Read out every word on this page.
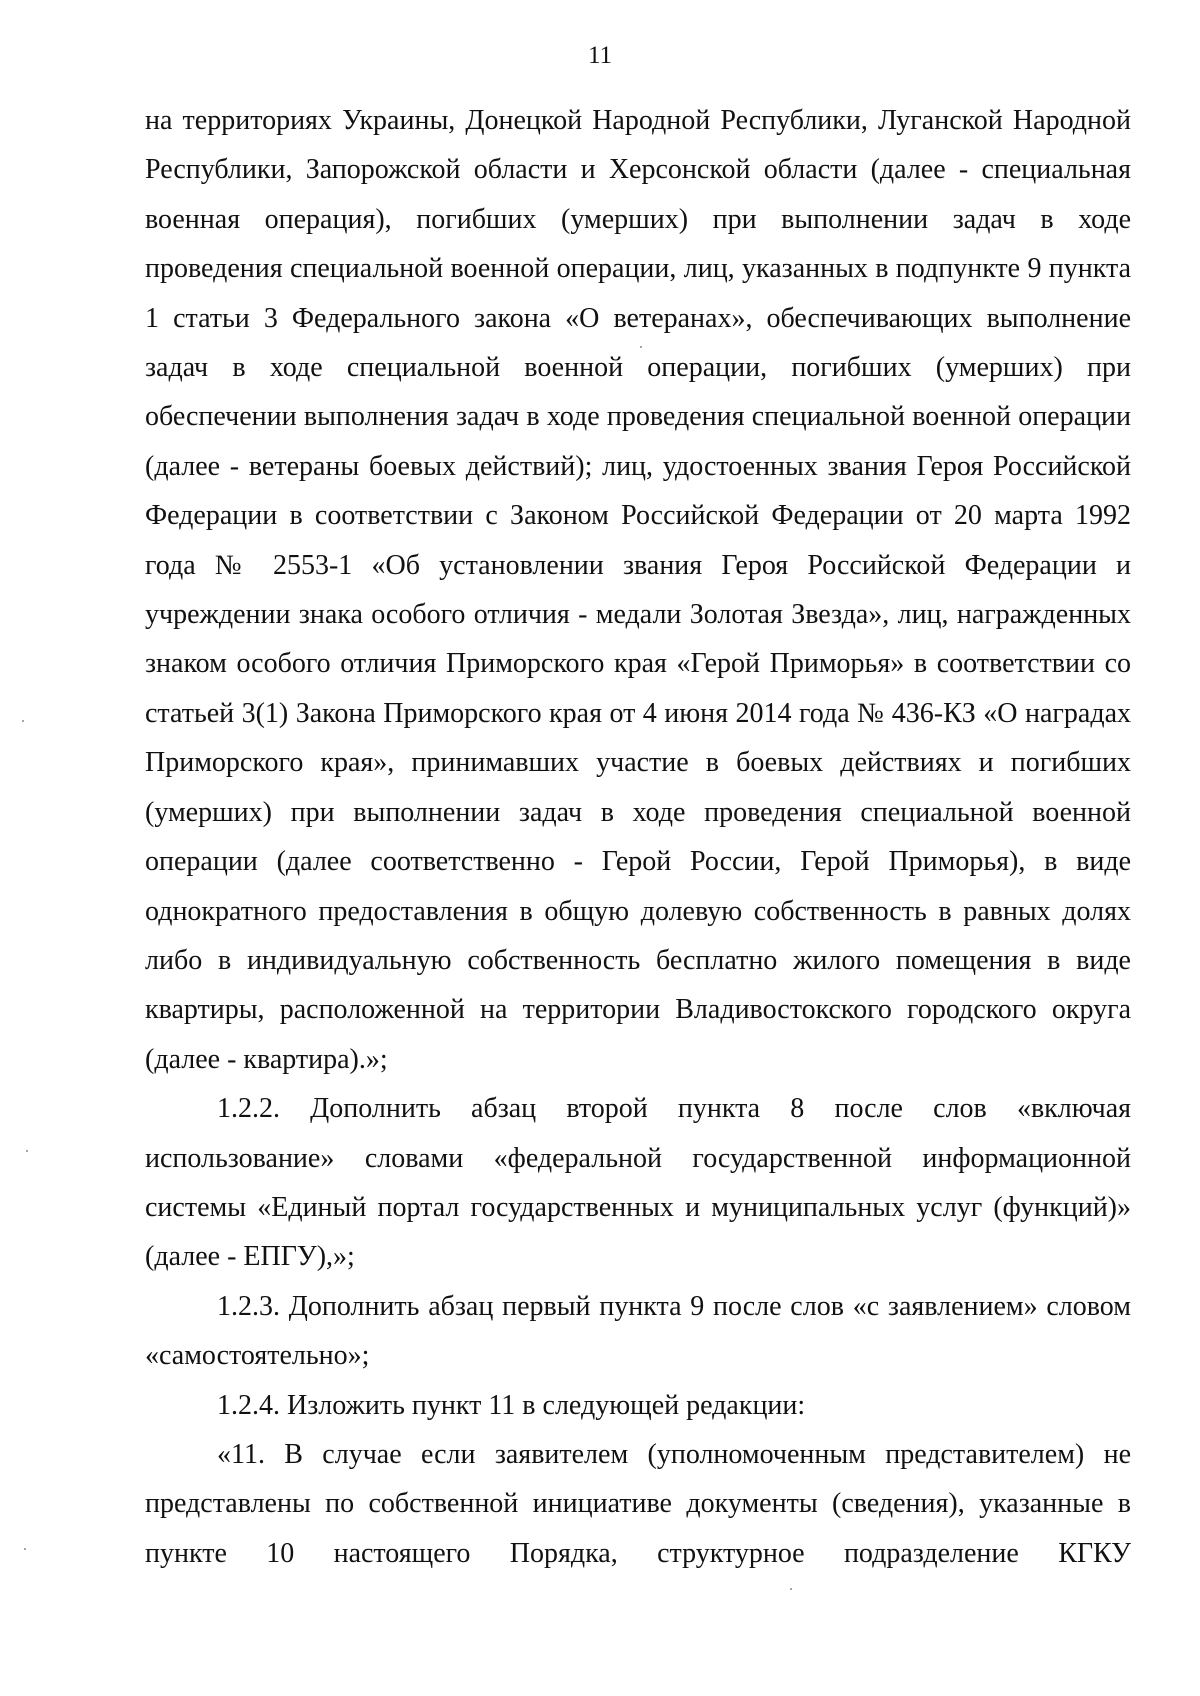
11

на территориях Украины, Донецкой Народной Республики, Луганской Народной Республики, Запорожской области и Херсонской области (далее - специальная военная операция), погибших (умерших) при выполнении задач в ходе проведения специальной военной операции, лиц, указанных в подпункте 9 пункта 1 статьи 3 Федерального закона «О ветеранах», обеспечивающих выполнение задач в ходе специальной военной операции, погибших (умерших) при обеспечении выполнения задач в ходе проведения специальной военной операции (далее - ветераны боевых действий); лиц, удостоенных звания Героя Российской Федерации в соответствии с Законом Российской Федерации от 20 марта 1992 года № 2553-1 «Об установлении звания Героя Российской Федерации и учреждении знака особого отличия - медали Золотая Звезда», лиц, награжденных знаком особого отличия Приморского края «Герой Приморья» в соответствии со статьей 3(1) Закона Приморского края от 4 июня 2014 года № 436-КЗ «О наградах Приморского края», принимавших участие в боевых действиях и погибших (умерших) при выполнении задач в ходе проведения специальной военной операции (далее соответственно - Герой России, Герой Приморья), в виде однократного предоставления в общую долевую собственность в равных долях либо в индивидуальную собственность бесплатно жилого помещения в виде квартиры, расположенной на территории Владивостокского городского округа (далее - квартира).»;

1.2.2. Дополнить абзац второй пункта 8 после слов «включая использование» словами «федеральной государственной информационной системы «Единый портал государственных и муниципальных услуг (функций)» (далее - ЕПГУ),»;

1.2.3. Дополнить абзац первый пункта 9 после слов «с заявлением» словом «самостоятельно»;

1.2.4. Изложить пункт 11 в следующей редакции:

«11. В случае если заявителем (уполномоченным представителем) не представлены по собственной инициативе документы (сведения), указанные в пункте 10 настоящего Порядка, структурное подразделение КГКУ
